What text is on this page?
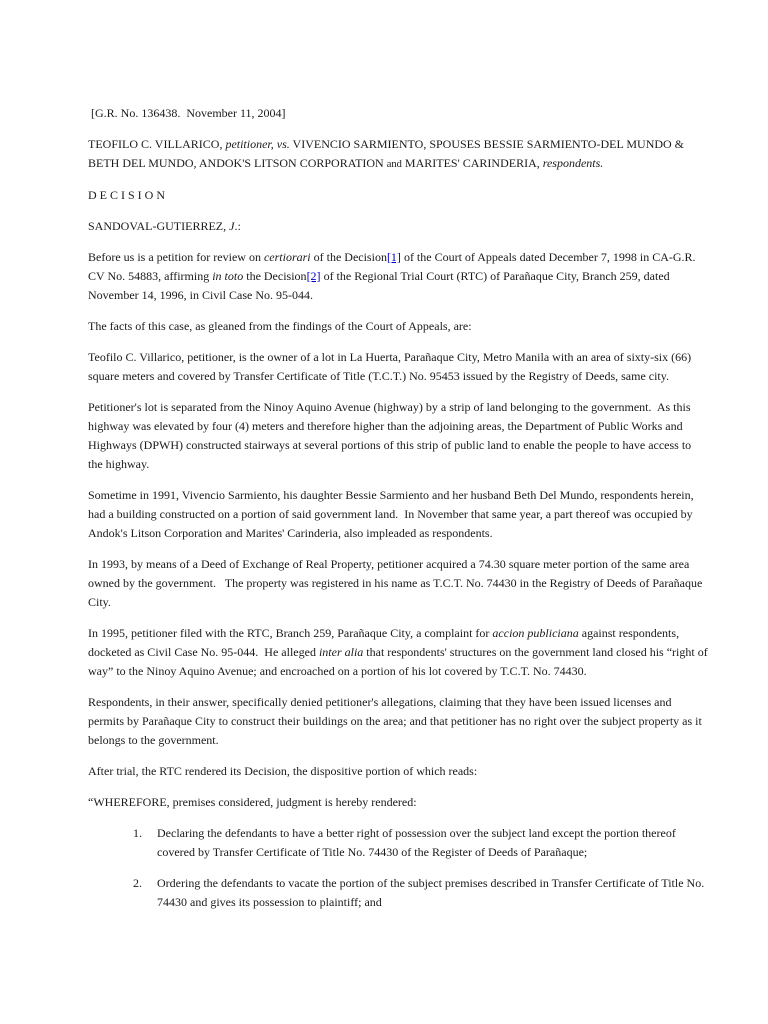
[G.R. No. 136438.  November 11, 2004]

TEOFILO C. VILLARICO, petitioner, vs. VIVENCIO SARMIENTO, SPOUSES BESSIE SARMIENTO-DEL MUNDO & BETH DEL MUNDO, ANDOK'S LITSON CORPORATION and MARITES' CARINDERIA, respondents.

D E C I S I O N

SANDOVAL-GUTIERREZ, J.:

Before us is a petition for review on certiorari of the Decision[1] of the Court of Appeals dated December 7, 1998 in CA-G.R. CV No. 54883, affirming in toto the Decision[2] of the Regional Trial Court (RTC) of Parañaque City, Branch 259, dated November 14, 1996, in Civil Case No. 95-044.

The facts of this case, as gleaned from the findings of the Court of Appeals, are:

Teofilo C. Villarico, petitioner, is the owner of a lot in La Huerta, Parañaque City, Metro Manila with an area of sixty-six (66) square meters and covered by Transfer Certificate of Title (T.C.T.) No. 95453 issued by the Registry of Deeds, same city.

Petitioner's lot is separated from the Ninoy Aquino Avenue (highway) by a strip of land belonging to the government.  As this highway was elevated by four (4) meters and therefore higher than the adjoining areas, the Department of Public Works and Highways (DPWH) constructed stairways at several portions of this strip of public land to enable the people to have access to the highway.

Sometime in 1991, Vivencio Sarmiento, his daughter Bessie Sarmiento and her husband Beth Del Mundo, respondents herein, had a building constructed on a portion of said government land.  In November that same year, a part thereof was occupied by Andok's Litson Corporation and Marites' Carinderia, also impleaded as respondents.

In 1993, by means of a Deed of Exchange of Real Property, petitioner acquired a 74.30 square meter portion of the same area owned by the government.   The property was registered in his name as T.C.T. No. 74430 in the Registry of Deeds of Parañaque City.

In 1995, petitioner filed with the RTC, Branch 259, Parañaque City, a complaint for accion publiciana against respondents, docketed as Civil Case No. 95-044.  He alleged inter alia that respondents' structures on the government land closed his “right of way” to the Ninoy Aquino Avenue; and encroached on a portion of his lot covered by T.C.T. No. 74430.

Respondents, in their answer, specifically denied petitioner's allegations, claiming that they have been issued licenses and permits by Parañaque City to construct their buildings on the area; and that petitioner has no right over the subject property as it belongs to the government.

After trial, the RTC rendered its Decision, the dispositive portion of which reads:

“WHEREFORE, premises considered, judgment is hereby rendered:

1.	Declaring the defendants to have a better right of possession over the subject land except the portion thereof covered by Transfer Certificate of Title No. 74430 of the Register of Deeds of Parañaque;
2.	Ordering the defendants to vacate the portion of the subject premises described in Transfer Certificate of Title No. 74430 and gives its possession to plaintiff; and
